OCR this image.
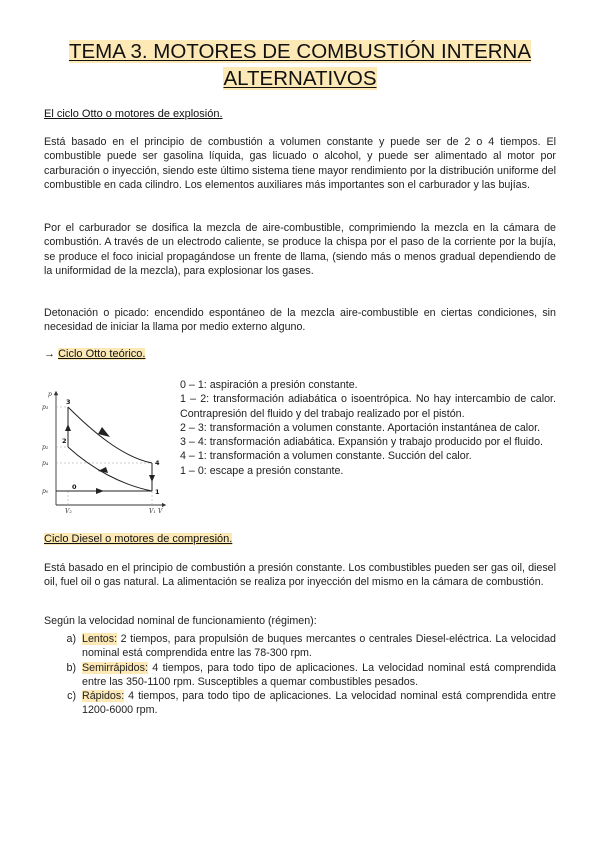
TEMA 3. MOTORES DE COMBUSTIÓN INTERNA ALTERNATIVOS
El ciclo Otto o motores de explosión.
Está basado en el principio de combustión a volumen constante y puede ser de 2 o 4 tiempos. El combustible puede ser gasolina líquida, gas licuado o alcohol, y puede ser alimentado al motor por carburación o inyección, siendo este último sistema tiene mayor rendimiento por la distribución uniforme del combustible en cada cilindro. Los elementos auxiliares más importantes son el carburador y las bujías.
Por el carburador se dosifica la mezcla de aire-combustible, comprimiendo la mezcla en la cámara de combustión. A través de un electrodo caliente, se produce la chispa por el paso de la corriente por la bujía, se produce el foco inicial propagándose un frente de llama, (siendo más o menos gradual dependiendo de la uniformidad de la mezcla), para explosionar los gases.
Detonación o picado: encendido espontáneo de la mezcla aire-combustible en ciertas condiciones, sin necesidad de iniciar la llama por medio externo alguno.
→ Ciclo Otto teórico.
p
V
p₃
p₂
p₄
p₀
V₂	V₁
3
2
4
1
0
0 – 1: aspiración a presión constante.
1 – 2: transformación adiabática o isoentrópica. No hay intercambio de calor. Contrapresión del fluido y del trabajo realizado por el pistón.
2 – 3: transformación a volumen constante. Aportación instantánea de calor.
3 – 4: transformación adiabática. Expansión y trabajo producido por el fluido.
4 – 1: transformación a volumen constante. Succión del calor.
1 – 0: escape a presión constante.
Ciclo Diesel o motores de compresión.
Está basado en el principio de combustión a presión constante. Los combustibles pueden ser gas oil, diesel oil, fuel oil o gas natural. La alimentación se realiza por inyección del mismo en la cámara de combustión.
Según la velocidad nominal de funcionamiento (régimen):
a. Lentos: 2 tiempos, para propulsión de buques mercantes o centrales Diesel-eléctrica. La velocidad nominal está comprendida entre las 78-300 rpm.
b. Semirrápidos: 4 tiempos, para todo tipo de aplicaciones. La velocidad nominal está comprendida entre las 350-1100 rpm. Susceptibles a quemar combustibles pesados.
c. Rápidos: 4 tiempos, para todo tipo de aplicaciones. La velocidad nominal está comprendida entre 1200-6000 rpm.
